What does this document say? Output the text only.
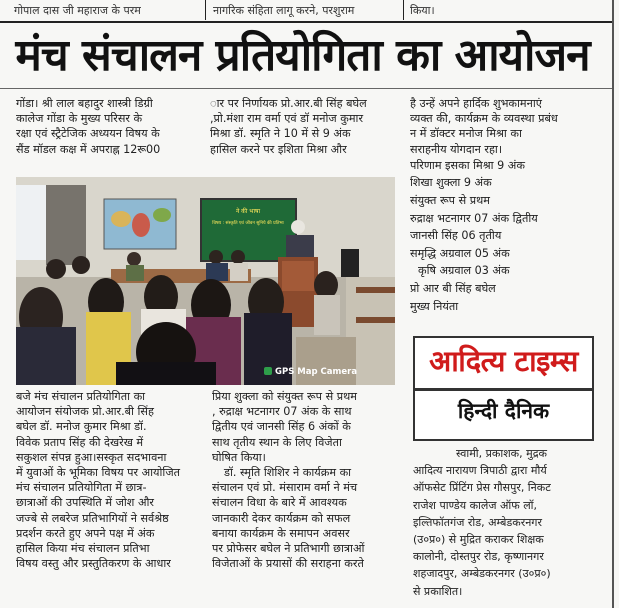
गोपाल दास जी महाराज के परम	नागरिक संहिता लागू करने, परशुराम	किया।
मंच संचालन प्रतियोगिता का आयोजन
गोंडा। श्री लाल बहादुर शास्त्री डिग्री
कालेज गोंडा के मुख्य परिसर के
रक्षा एवं स्ट्रैटेजिक अध्ययन विषय के
सैंड मॉडल कक्ष में अपराह्न 12रू00
ार पर निर्णायक प्रो.आर.बी सिंह बघेल
,प्रो.मंशा राम वर्मा एवं डॉ मनोज कुमार
मिश्रा डॉ. स्मृति ने 10 में से 9 अंक
हासिल करने पर इशिता मिश्रा और
है उन्हें अपने हार्दिक शुभकामनाएं
व्यक्त की, कार्यक्रम के व्यवस्था प्रबंध
न में डॉक्टर मनोज मिश्रा का
सराहनीय योगदान रहा।
परिणाम इसका मिश्रा 9 अंक
शिखा शुक्ला 9 अंक
संयुक्त रूप से प्रथम
रुद्राक्ष भटनागर 07 अंक द्वितीय
जानसी सिंह 06 तृतीय
समृद्धि अग्रवाल 05 अंक
कृषि अग्रवाल 03 अंक
प्रो आर बी सिंह बघेल
मुख्य नियंता
ने की भाषा
विषय : संस्कृति एवं जीवन सुनिये की प्रतिभा
GPS Map Camera
बजे मंच संचालन प्रतियोगिता का
आयोजन संयोजक प्रो.आर.बी सिंह
बघेल डॉ. मनोज कुमार मिश्रा डॉ.
विवेक प्रताप सिंह की देखरेख में
सकुशल संपन्न हुआ।सस्कृत सदभावना
में युवाओं के भूमिका विषय पर आयोजित
मंच संचालन प्रतियोगिता में छात्र-
छात्राओं की उपस्थिति में जोश और
जज्बे से लबरेज प्रतिभागियों ने सर्वश्रेष्ठ
प्रदर्शन करते हुए अपने पक्ष में अंक
हासिल किया मंच संचालन प्रतिभा
विषय वस्तु और प्रस्तुतिकरण के आधार
प्रिया शुक्ला को संयुक्त रूप से प्रथम
, रुद्राक्ष भटनागर 07 अंक के साथ
द्वितीय एवं जानसी सिंह 6 अंकों के
साथ तृतीय स्थान के लिए विजेता
घोषित किया।
डॉ. स्मृति शिशिर ने कार्यक्रम का
संचालन एवं प्रो. मंसाराम वर्मा ने मंच
संचालन विधा के बारे में आवश्यक
जानकारी देकर कार्यक्रम को सफल
बनाया कार्यक्रम के समापन अवसर
पर प्रोफेसर बघेल ने प्रतिभागी छात्राओं
विजेताओं के प्रयासों की सराहना करते
आदित्य टाइम्स
हिन्दी दैनिक
स्वामी, प्रकाशक, मुद्रक
आदित्य नारायण त्रिपाठी द्वारा मौर्य
ऑफसेट प्रिंटिंग प्रेस गौसपुर, निकट
राजेश पाण्डेय कालेज ऑफ लॉ,
इल्तिफॉतगंज रोड, अम्बेडकरनगर
(उ०प्र०) से मुद्रित कराकर शिक्षक
कालोनी, दोस्तपुर रोड, कृष्णानगर
शहजादपुर, अम्बेडकरनगर (उ०प्र०)
से प्रकाशित।
